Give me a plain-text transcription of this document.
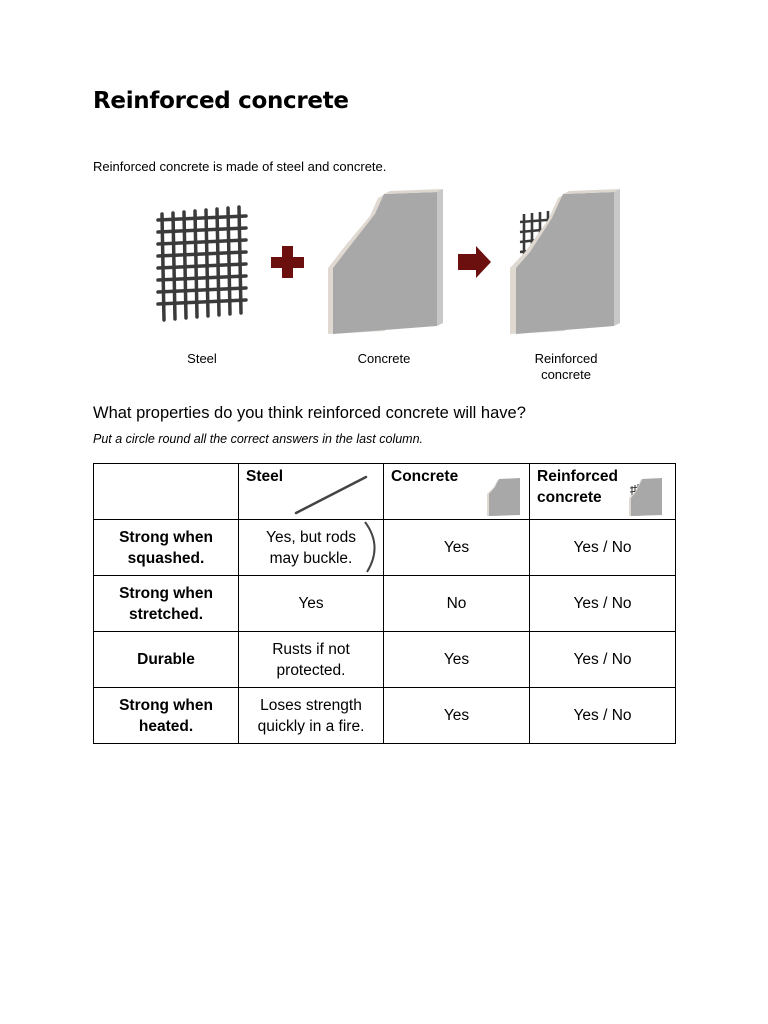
Reinforced concrete

Reinforced concrete is made of steel and concrete.

Steel	Concrete	Reinforced
concrete

What properties do you think reinforced concrete will have?

Put a circle round all the correct answers in the last column.

	Steel	Concrete	Reinforced
concrete

Strong when
squashed.	Yes, but rods
may buckle.	Yes	Yes / No
Strong when
stretched.	Yes	No	Yes / No
Durable	Rusts if not
protected.	Yes	Yes / No
Strong when
heated.	Loses strength
quickly in a fire.	Yes	Yes / No
